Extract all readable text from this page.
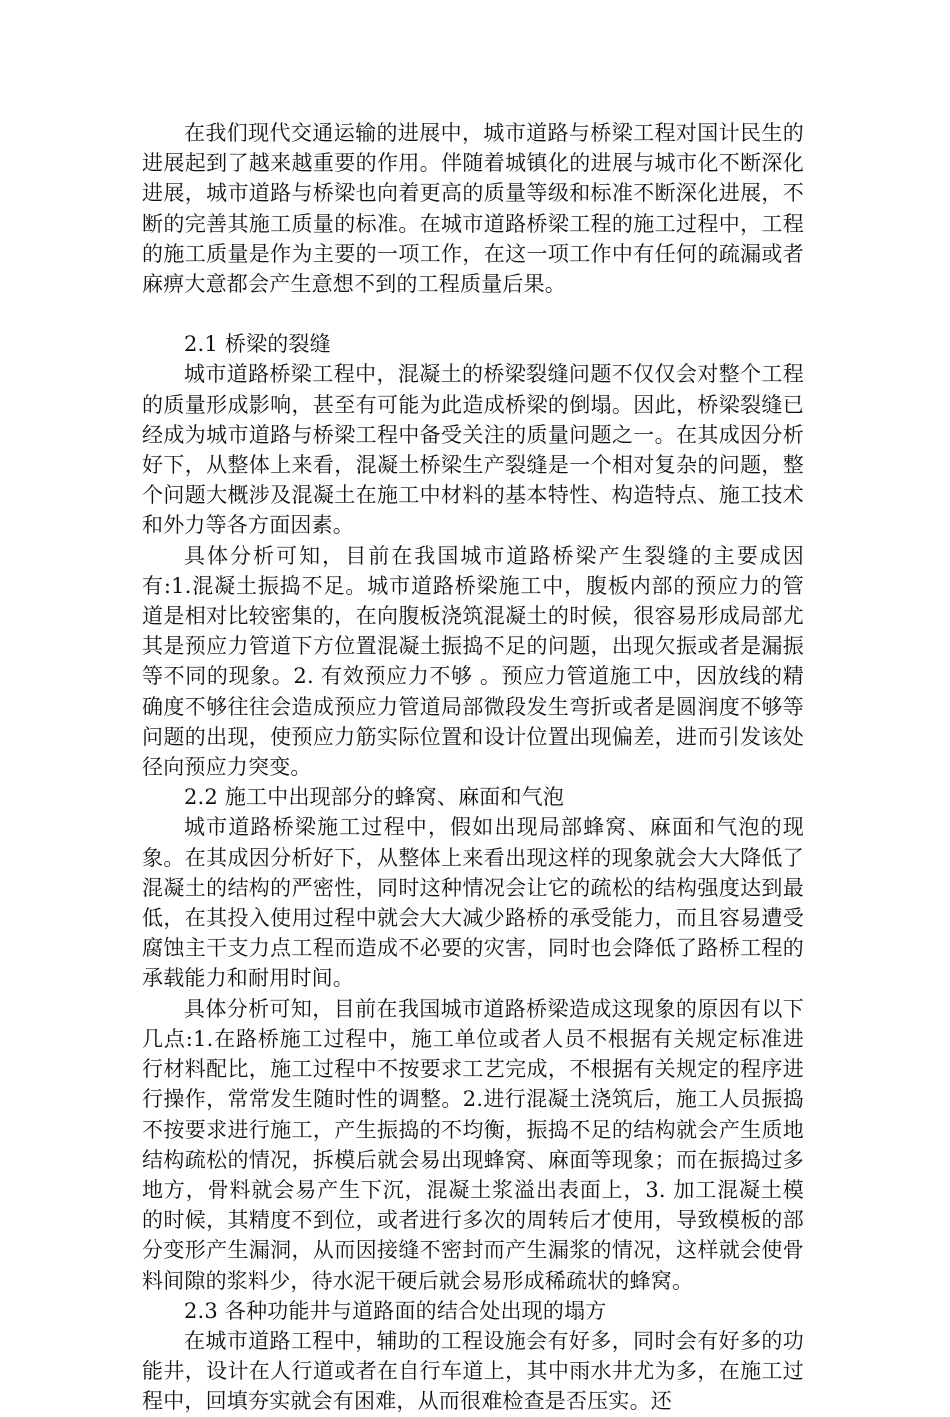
在我们现代交通运输的进展中，城市道路与桥梁工程对国计民生的进展起到了越来越重要的作用。伴随着城镇化的进展与城市化不断深化进展，城市道路与桥梁也向着更高的质量等级和标准不断深化进展，不断的完善其施工质量的标准。在城市道路桥梁工程的施工过程中，工程的施工质量是作为主要的一项工作，在这一项工作中有任何的疏漏或者麻痹大意都会产生意想不到的工程质量后果。

2.1 桥梁的裂缝

城市道路桥梁工程中，混凝土的桥梁裂缝问题不仅仅会对整个工程的质量形成影响，甚至有可能为此造成桥梁的倒塌。因此，桥梁裂缝已经成为城市道路与桥梁工程中备受关注的质量问题之一。在其成因分析好下，从整体上来看，混凝土桥梁生产裂缝是一个相对复杂的问题，整个问题大概涉及混凝土在施工中材料的基本特性、构造特点、施工技术和外力等各方面因素。

具体分析可知，目前在我国城市道路桥梁产生裂缝的主要成因有:1.混凝土振捣不足。城市道路桥梁施工中，腹板内部的预应力的管道是相对比较密集的，在向腹板浇筑混凝土的时候，很容易形成局部尤其是预应力管道下方位置混凝土振捣不足的问题，出现欠振或者是漏振等不同的现象。2. 有效预应力不够 。预应力管道施工中，因放线的精确度不够往往会造成预应力管道局部微段发生弯折或者是圆润度不够等问题的出现，使预应力筋实际位置和设计位置出现偏差，进而引发该处径向预应力突变。

2.2 施工中出现部分的蜂窝、麻面和气泡

城市道路桥梁施工过程中，假如出现局部蜂窝、麻面和气泡的现象。在其成因分析好下，从整体上来看出现这样的现象就会大大降低了混凝土的结构的严密性，同时这种情况会让它的疏松的结构强度达到最低，在其投入使用过程中就会大大减少路桥的承受能力，而且容易遭受腐蚀主干支力点工程而造成不必要的灾害，同时也会降低了路桥工程的承载能力和耐用时间。

具体分析可知，目前在我国城市道路桥梁造成这现象的原因有以下几点:1.在路桥施工过程中，施工单位或者人员不根据有关规定标准进行材料配比，施工过程中不按要求工艺完成，不根据有关规定的程序进行操作，常常发生随时性的调整。2.进行混凝土浇筑后，施工人员振捣不按要求进行施工，产生振捣的不均衡，振捣不足的结构就会产生质地结构疏松的情况，拆模后就会易出现蜂窝、麻面等现象；而在振捣过多地方，骨料就会易产生下沉，混凝土浆溢出表面上，3. 加工混凝土模的时候，其精度不到位，或者进行多次的周转后才使用，导致模板的部分变形产生漏洞，从而因接缝不密封而产生漏浆的情况，这样就会使骨料间隙的浆料少，待水泥干硬后就会易形成稀疏状的蜂窝。

2.3 各种功能井与道路面的结合处出现的塌方

在城市道路工程中，辅助的工程设施会有好多，同时会有好多的功能井，设计在人行道或者在自行车道上，其中雨水井尤为多，在施工过程中，回填夯实就会有困难，从而很难检查是否压实。还
